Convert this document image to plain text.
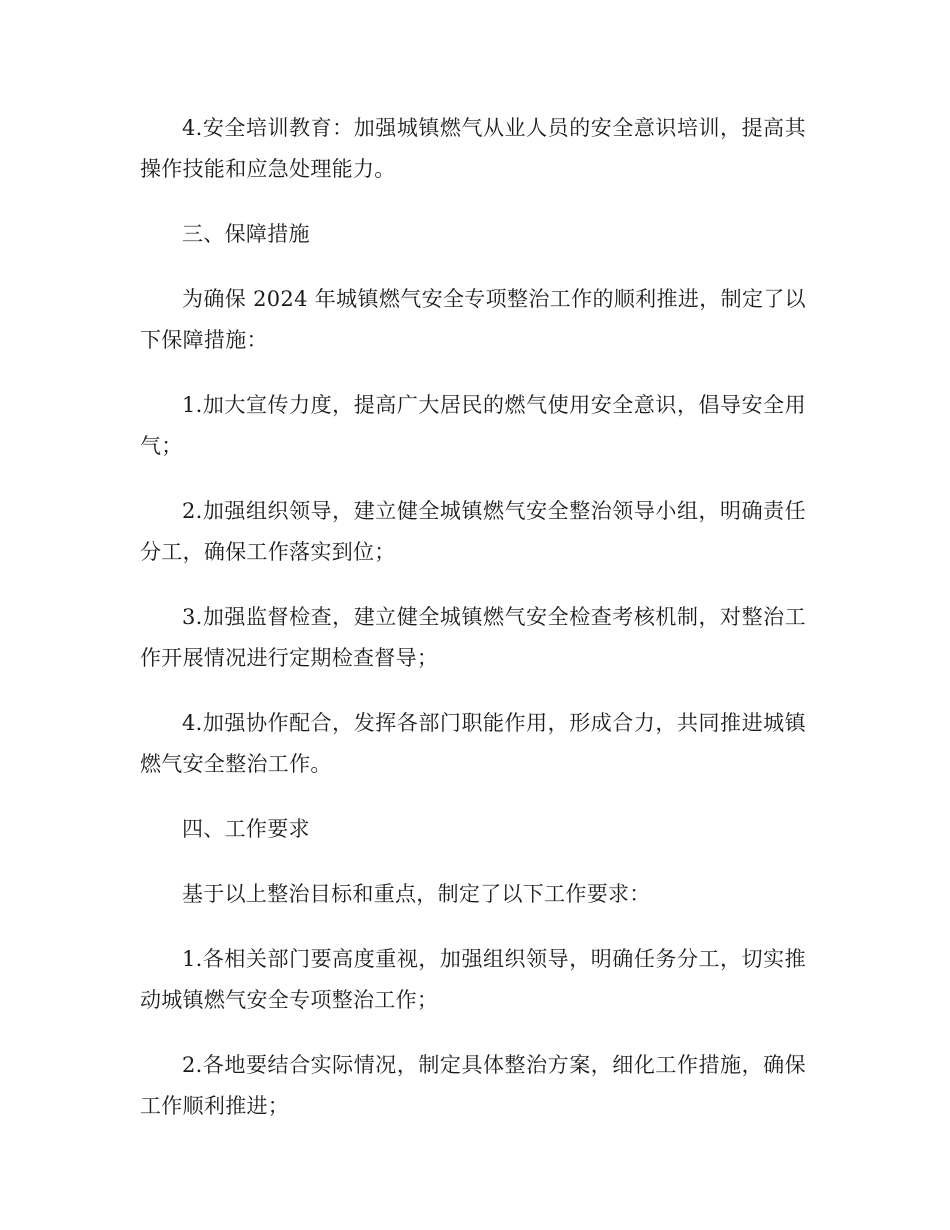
4.安全培训教育：加强城镇燃气从业人员的安全意识培训，提高其操作技能和应急处理能力。

三、保障措施

为确保 2024 年城镇燃气安全专项整治工作的顺利推进，制定了以下保障措施：

1.加大宣传力度，提高广大居民的燃气使用安全意识，倡导安全用气；

2.加强组织领导，建立健全城镇燃气安全整治领导小组，明确责任分工，确保工作落实到位；

3.加强监督检查，建立健全城镇燃气安全检查考核机制，对整治工作开展情况进行定期检查督导；

4.加强协作配合，发挥各部门职能作用，形成合力，共同推进城镇燃气安全整治工作。

四、工作要求

基于以上整治目标和重点，制定了以下工作要求：

1.各相关部门要高度重视，加强组织领导，明确任务分工，切实推动城镇燃气安全专项整治工作；

2.各地要结合实际情况，制定具体整治方案，细化工作措施，确保工作顺利推进；
